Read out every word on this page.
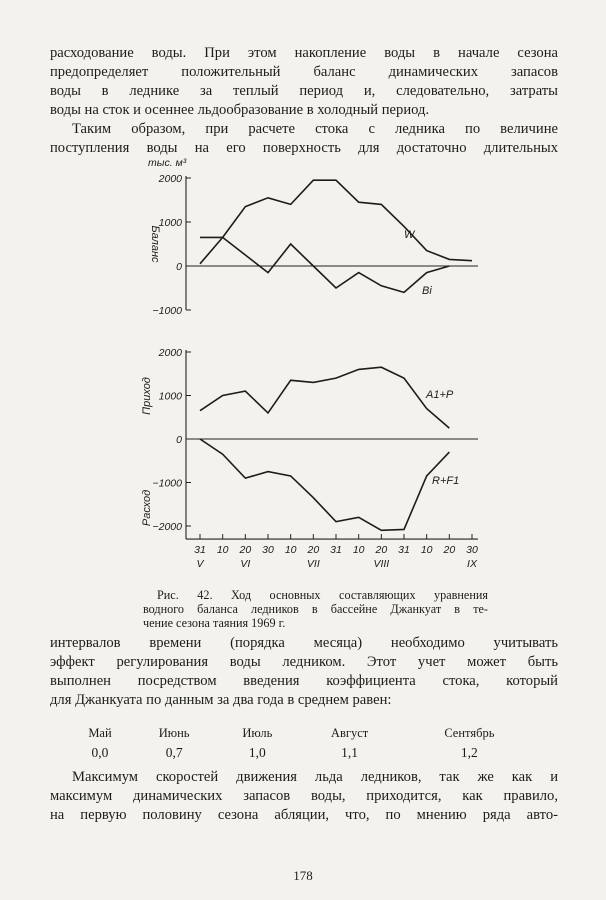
расходование воды. При этом накопление воды в начале сезона
предопределяет положительный баланс динамических запасов
воды в леднике за теплый период и, следовательно, затраты
воды на сток и осеннее льдообразование в холодный период.
Таким образом, при расчете стока с ледника по величине
поступления воды на его поверхность для достаточно длительных
2000
1000
0
−1000
тыс. м³
Баланс	W
Bi
2000
1000
0
−1000
−2000
31 10 20 30 10 20 31 10 20 31 10 20 30
V	VI	VII	VIII	IX
Приход
Расход
A1+P
R+F1
Рис. 42. Ход основных составляющих уравнения
водного баланса ледников в бассейне Джанкуат в те-
чение сезона таяния 1969 г.
интервалов времени (порядка месяца) необходимо учитывать
эффект регулирования воды ледником. Этот учет может быть
выполнен посредством введения коэффициента стока, который
для Джанкуата по данным за два года в среднем равен:
Май	Июнь	Июль	Август	Сентябрь
0,0	0,7	1,0	1,1	1,2
Максимум скоростей движения льда ледников, так же как и
максимум динамических запасов воды, приходится, как правило,
на первую половину сезона абляции, что, по мнению ряда авто-
178
